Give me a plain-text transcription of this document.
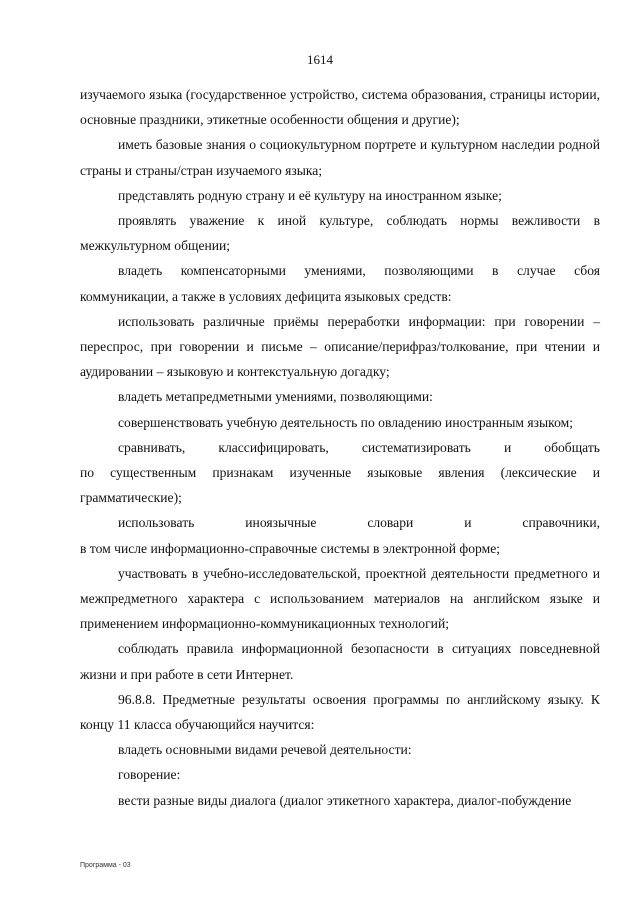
1614

изучаемого языка (государственное устройство, система образования, страницы истории, основные праздники, этикетные особенности общения и другие);

иметь базовые знания о социокультурном портрете и культурном наследии родной страны и страны/стран изучаемого языка;

представлять родную страну и её культуру на иностранном языке;

проявлять уважение к иной культуре, соблюдать нормы вежливости в межкультурном общении;

владеть компенсаторными умениями, позволяющими в случае сбоя коммуникации, а также в условиях дефицита языковых средств:

использовать различные приёмы переработки информации: при говорении – переспрос, при говорении и письме – описание/перифраз/толкование, при чтении и аудировании – языковую и контекстуальную догадку;

владеть метапредметными умениями, позволяющими:

совершенствовать учебную деятельность по овладению иностранным языком;

сравнивать, классифицировать, систематизировать и обобщать

по существенным признакам изученные языковые явления (лексические и грамматические);

использовать иноязычные словари и справочники,

в том числе информационно-справочные системы в электронной форме;

участвовать в учебно-исследовательской, проектной деятельности предметного и межпредметного характера с использованием материалов на английском языке и применением информационно-коммуникационных технологий;

соблюдать правила информационной безопасности в ситуациях повседневной жизни и при работе в сети Интернет.

96.8.8. Предметные результаты освоения программы по английскому языку. К концу 11 класса обучающийся научится:

владеть основными видами речевой деятельности:

говорение:

вести разные виды диалога (диалог этикетного характера, диалог-побуждение

Программа - 03
